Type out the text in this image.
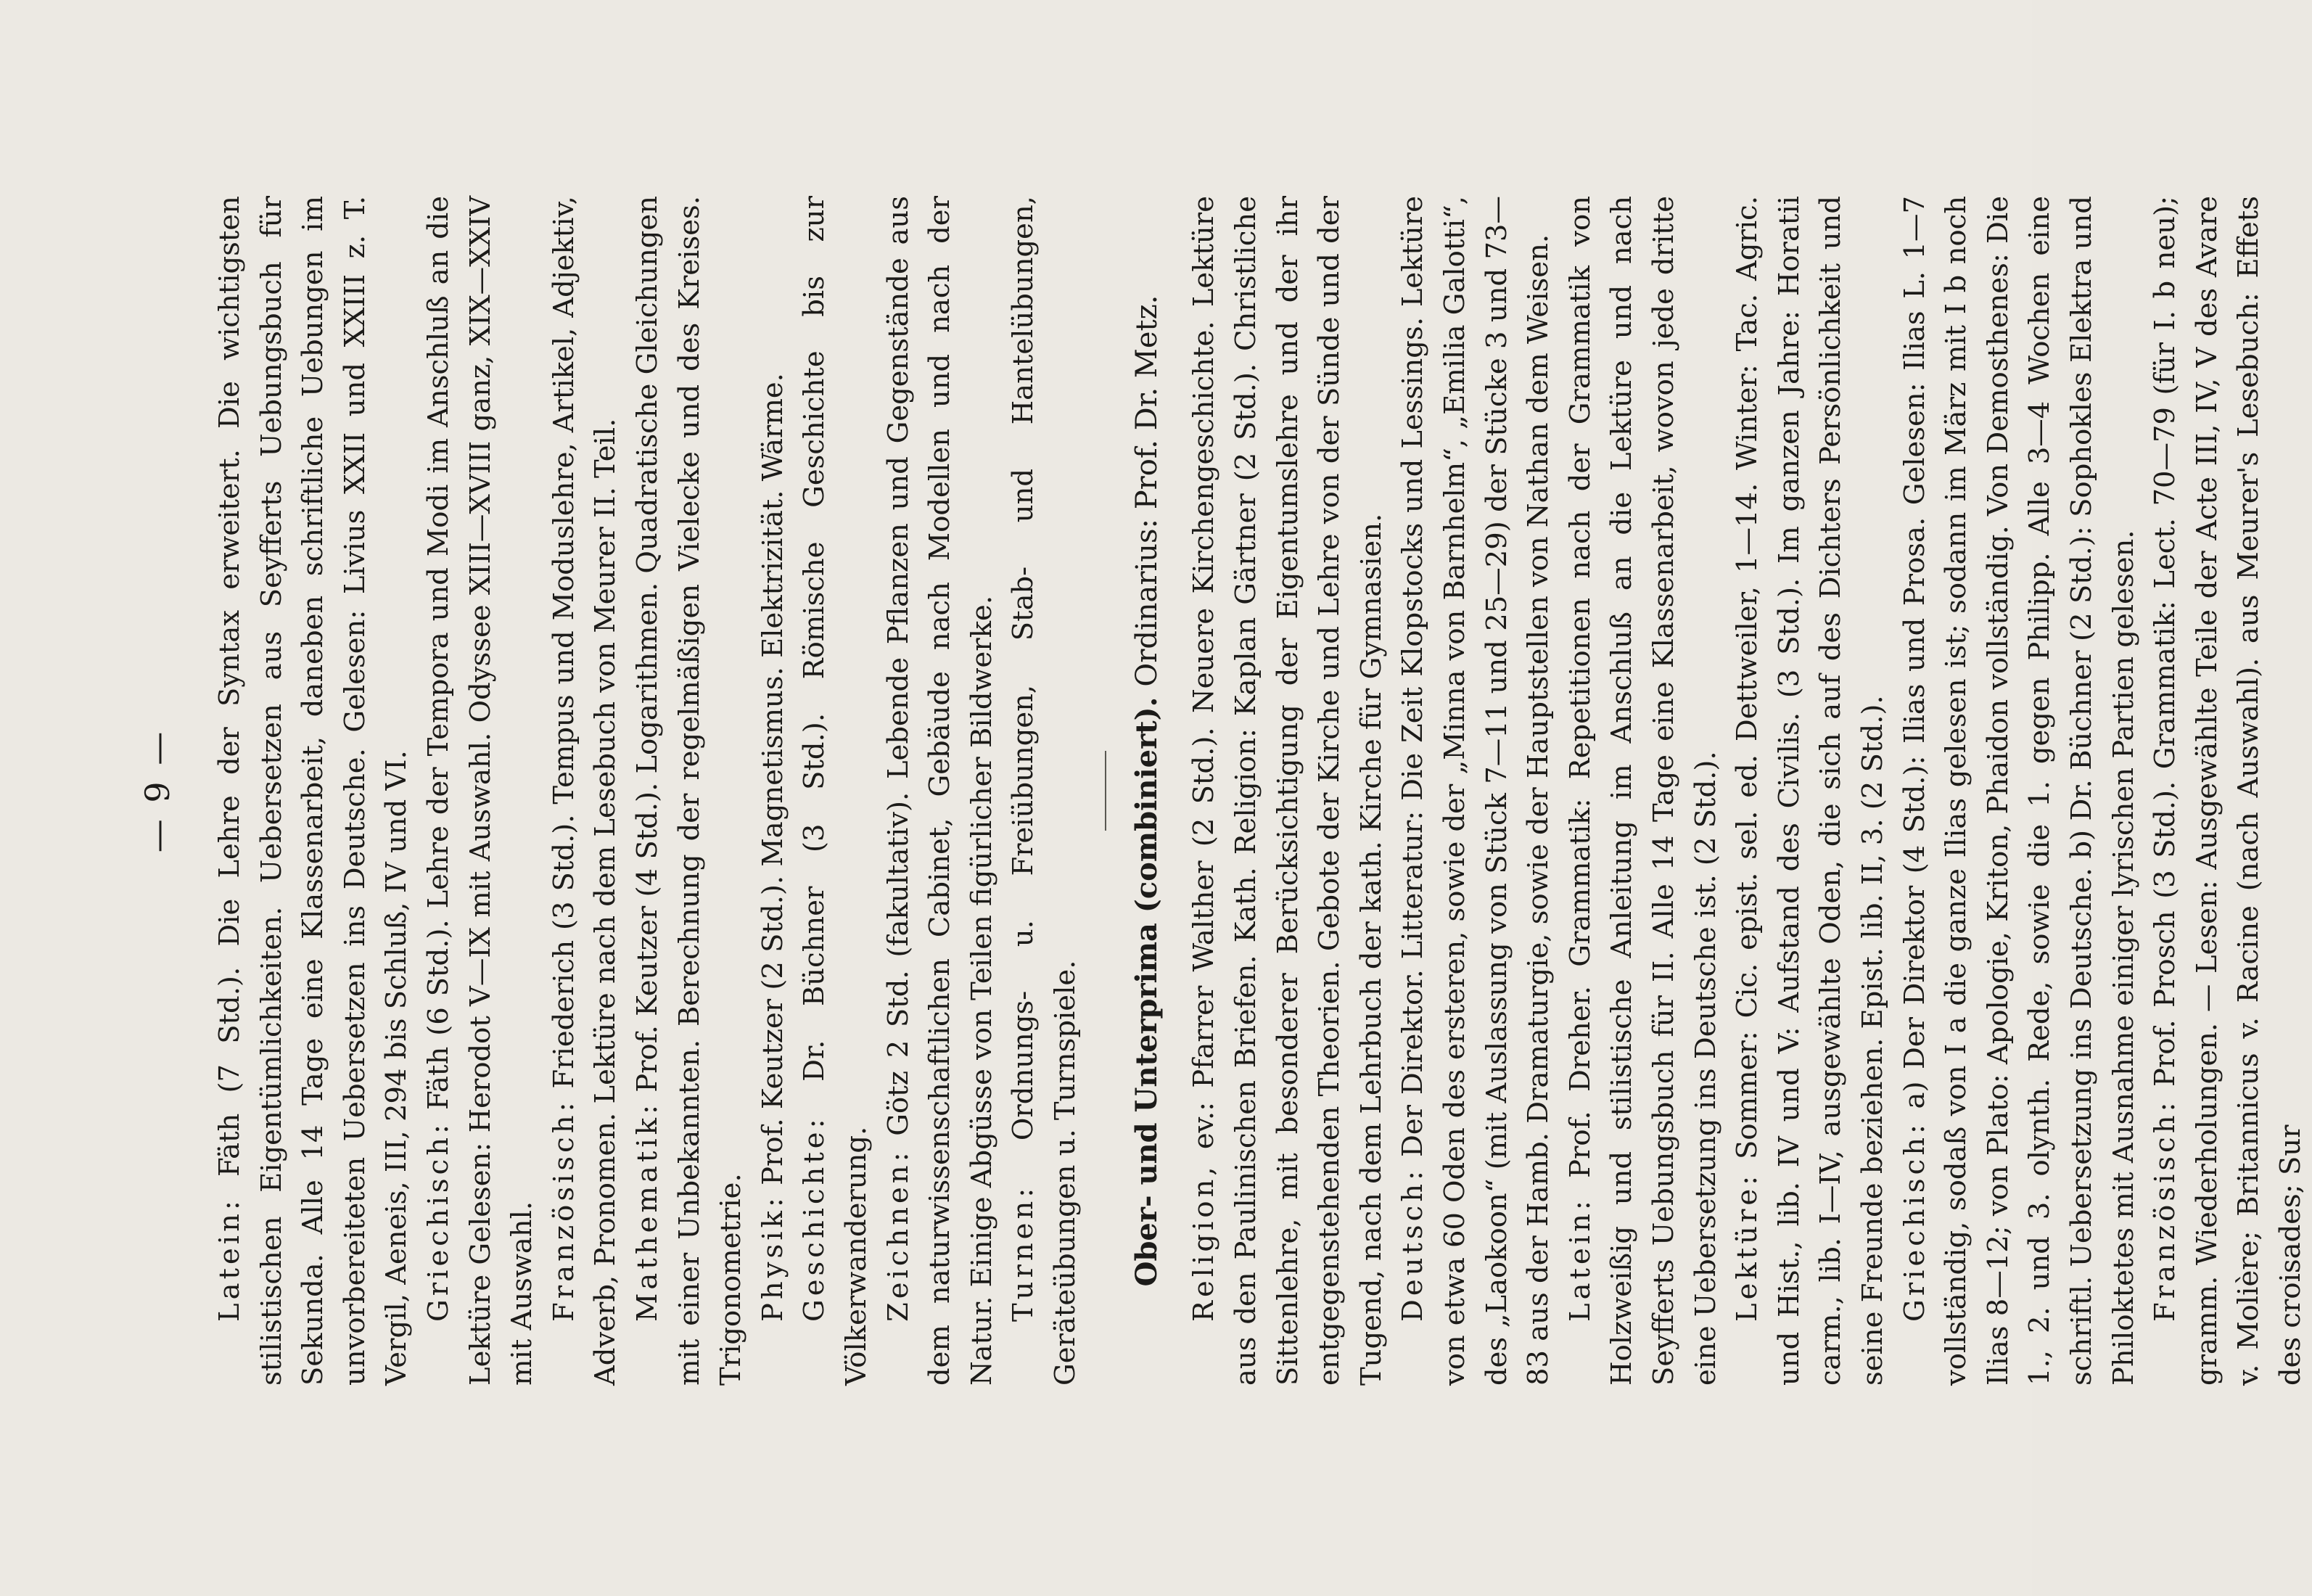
— 9 —

Latein: Fäth (7 Std.). Die Lehre der Syntax erweitert. Die wichtigsten stilistischen Eigentümlichkeiten. Uebersetzen aus Seyfferts Uebungsbuch für Sekunda. Alle 14 Tage eine Klassenarbeit, daneben schriftliche Uebungen im unvorbereiteten Uebersetzen ins Deutsche. Gelesen: Livius XXII und XXIII z. T. Vergil, Aeneis, III, 294 bis Schluß, IV und VI. Griechisch: Fäth (6 Std.). Lehre der Tempora und Modi im Anschluß an die Lektüre Gelesen: Herodot V—IX mit Auswahl. Odyssee XIII—XVIII ganz, XIX—XXIV mit Auswahl. Französisch: Friederich (3 Std.). Tempus und Moduslehre, Artikel, Adjektiv, Adverb, Pronomen. Lektüre nach dem Lesebuch von Meurer II. Teil. Mathematik: Prof. Keutzer (4 Std.). Logarithmen. Quadratische Gleichungen mit einer Unbekannten. Berechnung der regelmäßigen Vielecke und des Kreises. Trigonometrie. Physik: Prof. Keutzer (2 Std.). Magnetismus. Elektrizität. Wärme.

Geschichte: Dr. Büchner (3 Std.). Römische Geschichte bis zur Völkerwanderung. Zeichnen: Götz 2 Std. (fakultativ). Lebende Pflanzen und Gegenstände aus dem naturwissenschaftlichen Cabinet, Gebäude nach Modellen und nach der Natur. Einige Abgüsse von Teilen figürlicher Bildwerke. Turnen: Ordnungs- u. Freiübungen, Stab- und Hantelübungen, Geräteübungen u. Turnspiele. Ober- und Unterprima (combiniert). Ordinarius: Prof. Dr. Metz.

Religion, ev.: Pfarrer Walther (2 Std.). Neuere Kirchengeschichte. Lektüre aus den Paulinischen Briefen. Kath. Religion: Kaplan Gärtner (2 Std.). Christliche Sittenlehre, mit besonderer Berücksichtigung der Eigentumslehre und der ihr entgegenstehenden Theorien. Gebote der Kirche und Lehre von der Sünde und der Tugend, nach dem Lehrbuch der kath. Kirche für Gymnasien. Deutsch: Der Direktor. Litteratur: Die Zeit Klopstocks und Lessings. Lektüre von etwa 60 Oden des ersteren, sowie der „Minna von Barnhelm“, „Emilia Galotti“, des „Laokoon“ (mit Auslassung von Stück 7—11 und 25—29) der Stücke 3 und 73—83 aus der Hamb. Dramaturgie, sowie der Hauptstellen von Nathan dem Weisen. Latein: Prof. Dreher. Grammatik: Repetitionen nach der Grammatik von Holzweißig und stilistische Anleitung im Anschluß an die Lektüre und nach Seyfferts Uebungsbuch für II. Alle 14 Tage eine Klassenarbeit, wovon jede dritte eine Uebersetzung ins Deutsche ist. (2 Std.). Lektüre: Sommer: Cic. epist. sel. ed. Dettweiler, 1—14. Winter: Tac. Agric. und Hist., lib. IV und V: Aufstand des Civilis. (3 Std.). Im ganzen Jahre: Horatii carm., lib. I—IV, ausgewählte Oden, die sich auf des Dichters Persönlichkeit und seine Freunde beziehen. Epist. lib. II, 3. (2 Std.). Griechisch: a) Der Direktor (4 Std.): Ilias und Prosa. Gelesen: Ilias L. 1—7 vollständig, sodaß von I a die ganze Ilias gelesen ist; sodann im März mit I b noch Ilias 8—12; von Plato: Apologie, Kriton, Phaidon vollständig. Von Demosthenes: Die 1., 2. und 3. olynth. Rede, sowie die 1. gegen Philipp. Alle 3—4 Wochen eine schriftl. Uebersetzung ins Deutsche. b) Dr. Büchner (2 Std.): Sophokles Elektra und Philoktetes mit Ausnahme einiger lyrischen Partien gelesen. Französisch: Prof. Prosch (3 Std.). Grammatik: Lect. 70—79 (für I. b neu); gramm. Wiederholungen. — Lesen: Ausgewählte Teile der Acte III, IV, V des Avare v. Molière; Britannicus v. Racine (nach Auswahl). aus Meurer's Lesebuch: Effets des croisades; Sur
